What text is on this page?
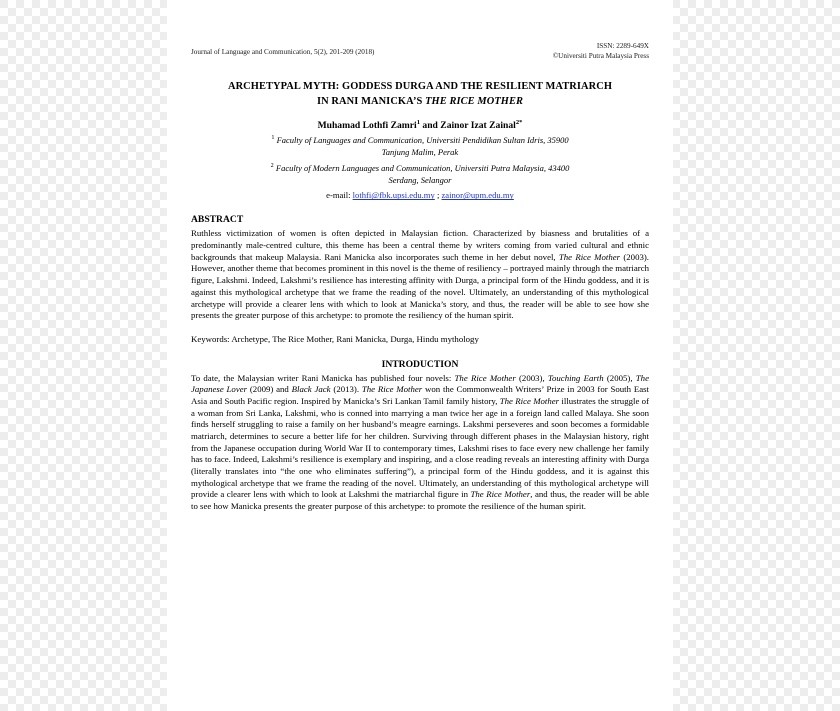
Journal of Language and Communication, 5(2), 201-209 (2018)
ISSN: 2289-649X
©Universiti Putra Malaysia Press
ARCHETYPAL MYTH: GODDESS DURGA AND THE RESILIENT MATRIARCH
IN RANI MANICKA’S THE RICE MOTHER
Muhamad Lothfi Zamri$^1$ and Zainor Izat Zainal$^{2*}$
$^1$ Faculty of Languages and Communication, Universiti Pendidikan Sultan Idris, 35900
Tanjung Malim, Perak
$^2$ Faculty of Modern Languages and Communication, Universiti Putra Malaysia, 43400
Serdang, Selangor
e-mail: lothfi@fbk.upsi.edu.my ; zainor@upm.edu.my
ABSTRACT
Ruthless victimization of women is often depicted in Malaysian fiction. Characterized by biasness and brutalities of a predominantly male-centred culture, this theme has been a central theme by writers coming from varied cultural and ethnic backgrounds that makeup Malaysia. Rani Manicka also incorporates such theme in her debut novel, The Rice Mother (2003). However, another theme that becomes prominent in this novel is the theme of resiliency – portrayed mainly through the matriarch figure, Lakshmi. Indeed, Lakshmi’s resilience has interesting affinity with Durga, a principal form of the Hindu goddess, and it is against this mythological archetype that we frame the reading of the novel. Ultimately, an understanding of this mythological archetype will provide a clearer lens with which to look at Manicka’s story, and thus, the reader will be able to see how she presents the greater purpose of this archetype: to promote the resiliency of the human spirit.
Keywords: Archetype, The Rice Mother, Rani Manicka, Durga, Hindu mythology
INTRODUCTION
To date, the Malaysian writer Rani Manicka has published four novels: The Rice Mother (2003), Touching Earth (2005), The Japanese Lover (2009) and Black Jack (2013). The Rice Mother won the Commonwealth Writers’ Prize in 2003 for South East Asia and South Pacific region. Inspired by Manicka’s Sri Lankan Tamil family history, The Rice Mother illustrates the struggle of a woman from Sri Lanka, Lakshmi, who is conned into marrying a man twice her age in a foreign land called Malaya. She soon finds herself struggling to raise a family on her husband’s meagre earnings. Lakshmi perseveres and soon becomes a formidable matriarch, determines to secure a better life for her children. Surviving through different phases in the Malaysian history, right from the Japanese occupation during World War II to contemporary times, Lakshmi rises to face every new challenge her family has to face. Indeed, Lakshmi’s resilience is exemplary and inspiring, and a close reading reveals an interesting affinity with Durga (literally translates into “the one who eliminates suffering”), a principal form of the Hindu goddess, and it is against this mythological archetype that we frame the reading of the novel. Ultimately, an understanding of this mythological archetype will provide a clearer lens with which to look at Lakshmi the matriarchal figure in The Rice Mother, and thus, the reader will be able to see how Manicka presents the greater purpose of this archetype: to promote the resilience of the human spirit.
